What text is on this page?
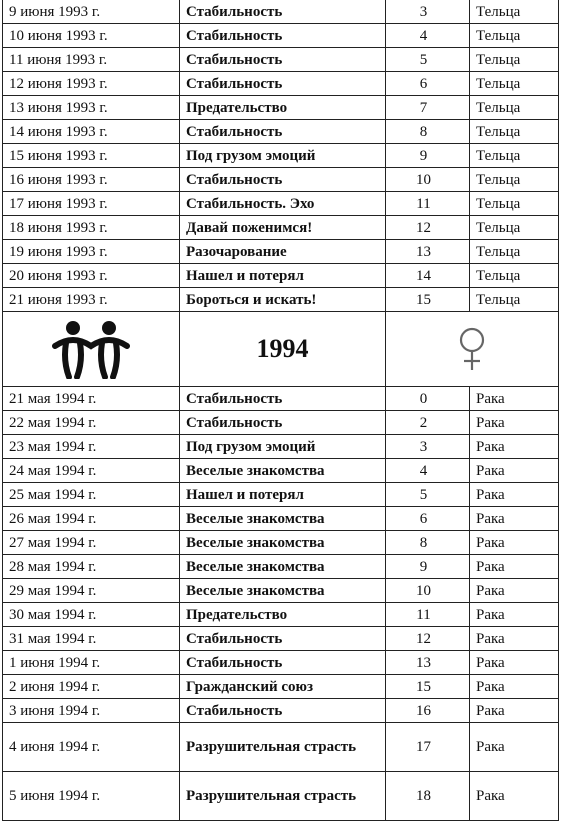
9 июня 1993 г.	Стабильность	3	Тельца
10 июня 1993 г.	Стабильность	4	Тельца
11 июня 1993 г.	Стабильность	5	Тельца
12 июня 1993 г.	Стабильность	6	Тельца
13 июня 1993 г.	Предательство	7	Тельца
14 июня 1993 г.	Стабильность	8	Тельца
15 июня 1993 г.	Под грузом эмоций	9	Тельца
16 июня 1993 г.	Стабильность	10	Тельца
17 июня 1993 г.	Стабильность. Эхо	11	Тельца
18 июня 1993 г.	Давай поженимся!	12	Тельца
19 июня 1993 г.	Разочарование	13	Тельца
20 июня 1993 г.	Нашел и потерял	14	Тельца
21 июня 1993 г.	Бороться и искать!	15	Тельца

	1994	

21 мая 1994 г.	Стабильность	0	Рака
22 мая 1994 г.	Стабильность	2	Рака
23 мая 1994 г.	Под грузом эмоций	3	Рака
24 мая 1994 г.	Веселые знакомства	4	Рака
25 мая 1994 г.	Нашел и потерял	5	Рака
26 мая 1994 г.	Веселые знакомства	6	Рака
27 мая 1994 г.	Веселые знакомства	8	Рака
28 мая 1994 г.	Веселые знакомства	9	Рака
29 мая 1994 г.	Веселые знакомства	10	Рака
30 мая 1994 г.	Предательство	11	Рака
31 мая 1994 г.	Стабильность	12	Рака
1 июня 1994 г.	Стабильность	13	Рака
2 июня 1994 г.	Гражданский союз	15	Рака
3 июня 1994 г.	Стабильность	16	Рака
4 июня 1994 г.	Разрушительная страсть	17	Рака
5 июня 1994 г.	Разрушительная страсть	18	Рака
